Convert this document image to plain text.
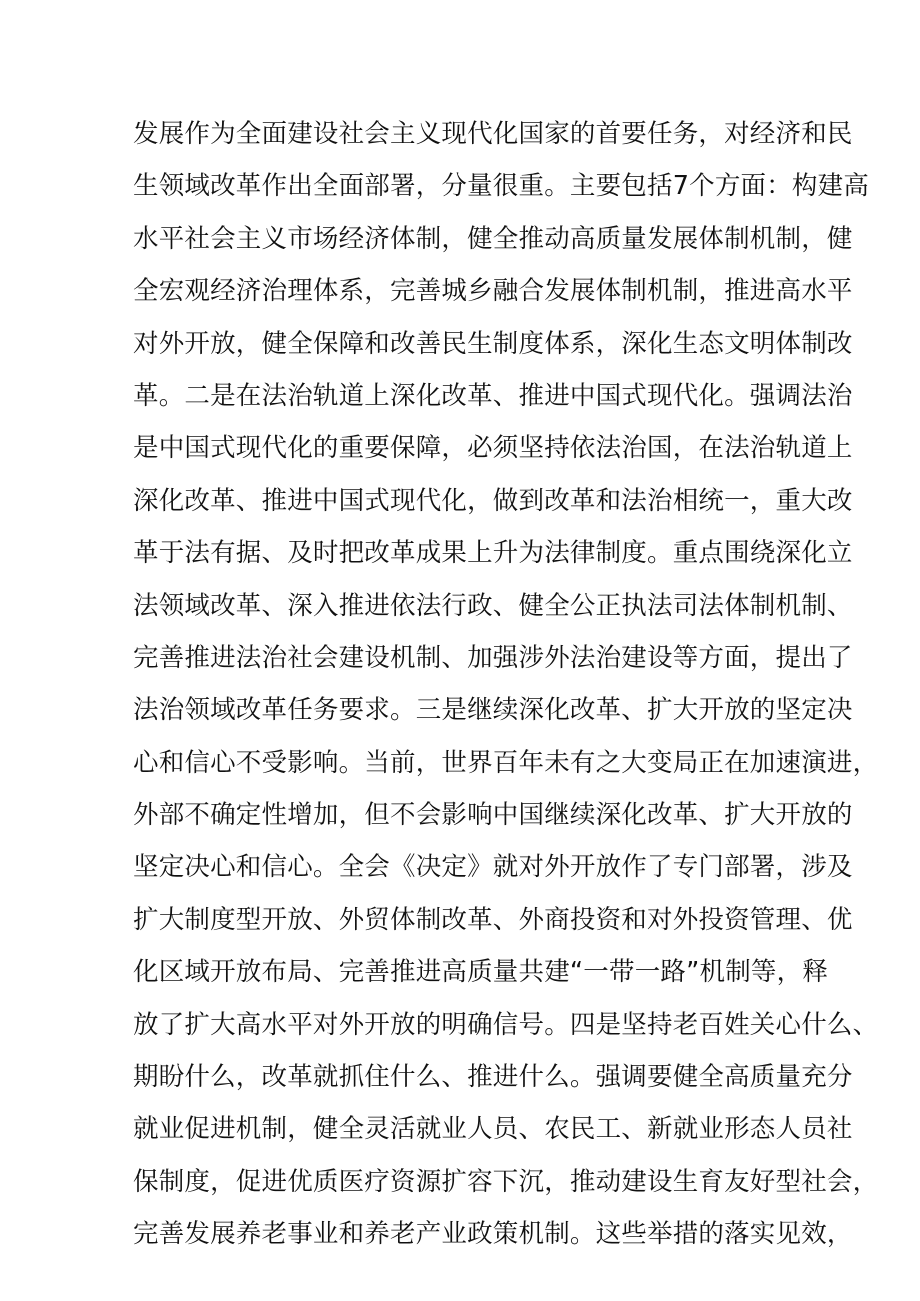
发展作为全面建设社会主义现代化国家的首要任务，对经济和民
生领域改革作出全面部署，分量很重。主要包括7个方面：构建高
水平社会主义市场经济体制，健全推动高质量发展体制机制，健
全宏观经济治理体系，完善城乡融合发展体制机制，推进高水平
对外开放，健全保障和改善民生制度体系，深化生态文明体制改
革。二是在法治轨道上深化改革、推进中国式现代化。强调法治
是中国式现代化的重要保障，必须坚持依法治国，在法治轨道上
深化改革、推进中国式现代化，做到改革和法治相统一，重大改
革于法有据、及时把改革成果上升为法律制度。重点围绕深化立
法领域改革、深入推进依法行政、健全公正执法司法体制机制、
完善推进法治社会建设机制、加强涉外法治建设等方面，提出了
法治领域改革任务要求。三是继续深化改革、扩大开放的坚定决
心和信心不受影响。当前，世界百年未有之大变局正在加速演进，
外部不确定性增加，但不会影响中国继续深化改革、扩大开放的
坚定决心和信心。全会《决定》就对外开放作了专门部署，涉及
扩大制度型开放、外贸体制改革、外商投资和对外投资管理、优
化区域开放布局、完善推进高质量共建“一带一路”机制等，释
放了扩大高水平对外开放的明确信号。四是坚持老百姓关心什么、
期盼什么，改革就抓住什么、推进什么。强调要健全高质量充分
就业促进机制，健全灵活就业人员、农民工、新就业形态人员社
保制度，促进优质医疗资源扩容下沉，推动建设生育友好型社会，
完善发展养老事业和养老产业政策机制。这些举措的落实见效，
